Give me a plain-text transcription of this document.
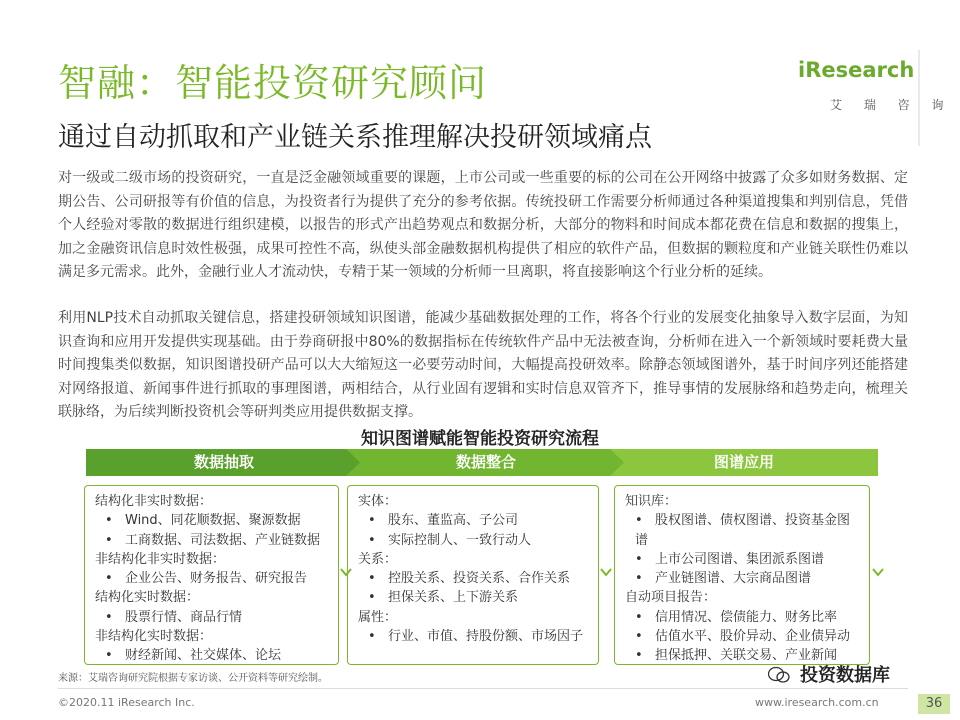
智融：智能投资研究顾问
通过自动抓取和产业链关系推理解决投研领域痛点
iResearch
艾 瑞 咨 询
对一级或二级市场的投资研究，一直是泛金融领域重要的课题，上市公司或一些重要的标的公司在公开网络中披露了众多如财务数据、定期公告、公司研报等有价值的信息，为投资者行为提供了充分的参考依据。传统投研工作需要分析师通过各种渠道搜集和判别信息，凭借个人经验对零散的数据进行组织建模，以报告的形式产出趋势观点和数据分析，大部分的物料和时间成本都花费在信息和数据的搜集上，加之金融资讯信息时效性极强，成果可控性不高，纵使头部金融数据机构提供了相应的软件产品，但数据的颗粒度和产业链关联性仍难以满足多元需求。此外，金融行业人才流动快，专精于某一领域的分析师一旦离职，将直接影响这个行业分析的延续。
利用NLP技术自动抓取关键信息，搭建投研领域知识图谱，能减少基础数据处理的工作，将各个行业的发展变化抽象导入数字层面，为知识查询和应用开发提供实现基础。由于券商研报中80%的数据指标在传统软件产品中无法被查询，分析师在进入一个新领域时要耗费大量时间搜集类似数据，知识图谱投研产品可以大大缩短这一必要劳动时间，大幅提高投研效率。除静态领域图谱外，基于时间序列还能搭建对网络报道、新闻事件进行抓取的事理图谱，两相结合，从行业固有逻辑和实时信息双管齐下，推导事情的发展脉络和趋势走向，梳理关联脉络，为后续判断投资机会等研判类应用提供数据支撑。
知识图谱赋能智能投资研究流程
数据抽取	数据整合	图谱应用
结构化非实时数据：
• Wind、同花顺数据、聚源数据
• 工商数据、司法数据、产业链数据
非结构化非实时数据：
• 企业公告、财务报告、研究报告
结构化实时数据：
• 股票行情、商品行情
非结构化实时数据：
• 财经新闻、社交媒体、论坛
实体：
• 股东、董监高、子公司
• 实际控制人、一致行动人
关系：
• 控股关系、投资关系、合作关系
• 担保关系、上下游关系
属性：
• 行业、市值、持股份额、市场因子
知识库：
• 股权图谱、债权图谱、投资基金图谱
• 上市公司图谱、集团派系图谱
• 产业链图谱、大宗商品图谱
自动项目报告：
• 信用情况、偿债能力、财务比率
• 估值水平、股价异动、企业债异动
• 担保抵押、关联交易、产业新闻
来源：艾瑞咨询研究院根据专家访谈、公开资料等研究绘制。	投资数据库
©2020.11 iResearch Inc.	www.iresearch.com.cn	36
